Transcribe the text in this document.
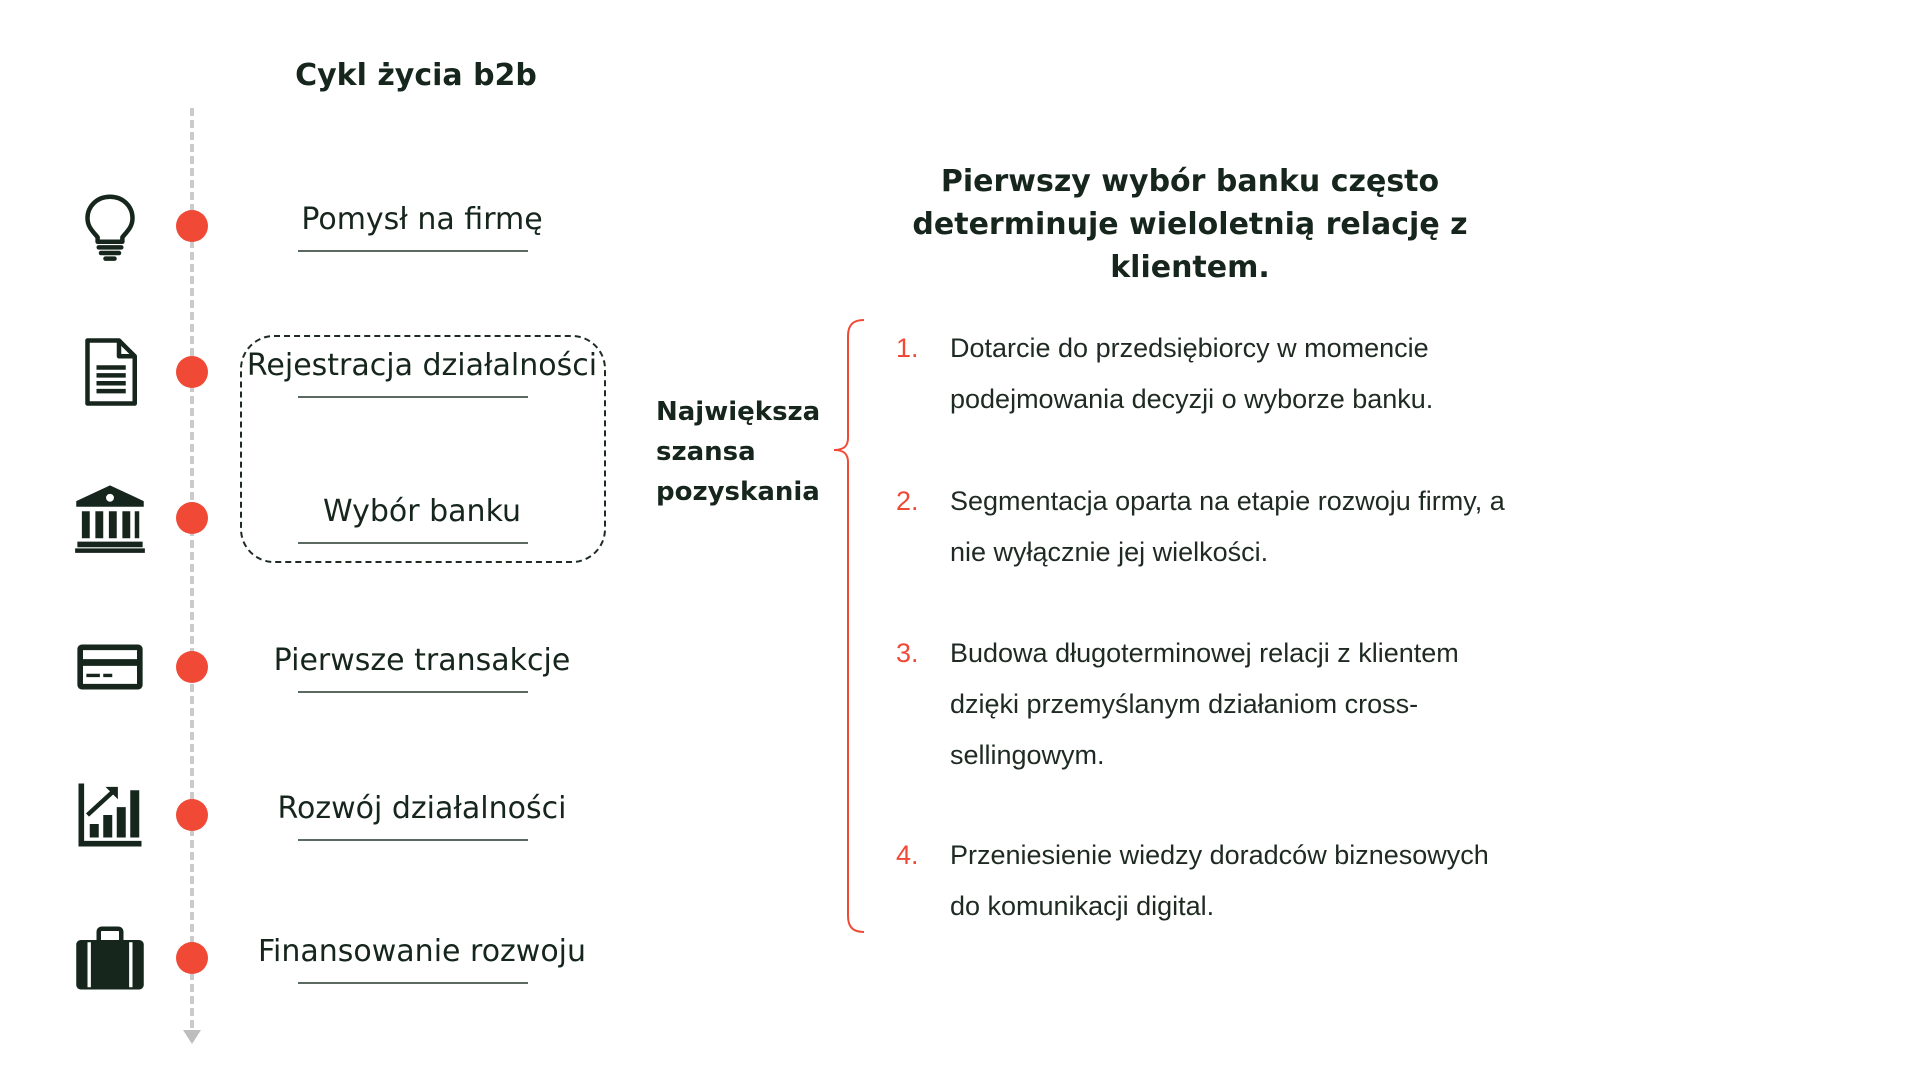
Cykl życia b2b
Pomysł na firmę
Rejestracja działalności
Wybór banku
Pierwsze transakcje
Rozwój działalności
Finansowanie rozwoju
Największa
szansa
pozyskania
Pierwszy wybór banku często
determinuje wieloletnią relację z
klientem.
1.	Dotarcie do przedsiębiorcy w momencie
podejmowania decyzji o wyborze banku.
2.	Segmentacja oparta na etapie rozwoju firmy, a
nie wyłącznie jej wielkości.
3.	Budowa długoterminowej relacji z klientem
dzięki przemyślanym działaniom cross-
sellingowym.
4.	Przeniesienie wiedzy doradców biznesowych
do komunikacji digital.
